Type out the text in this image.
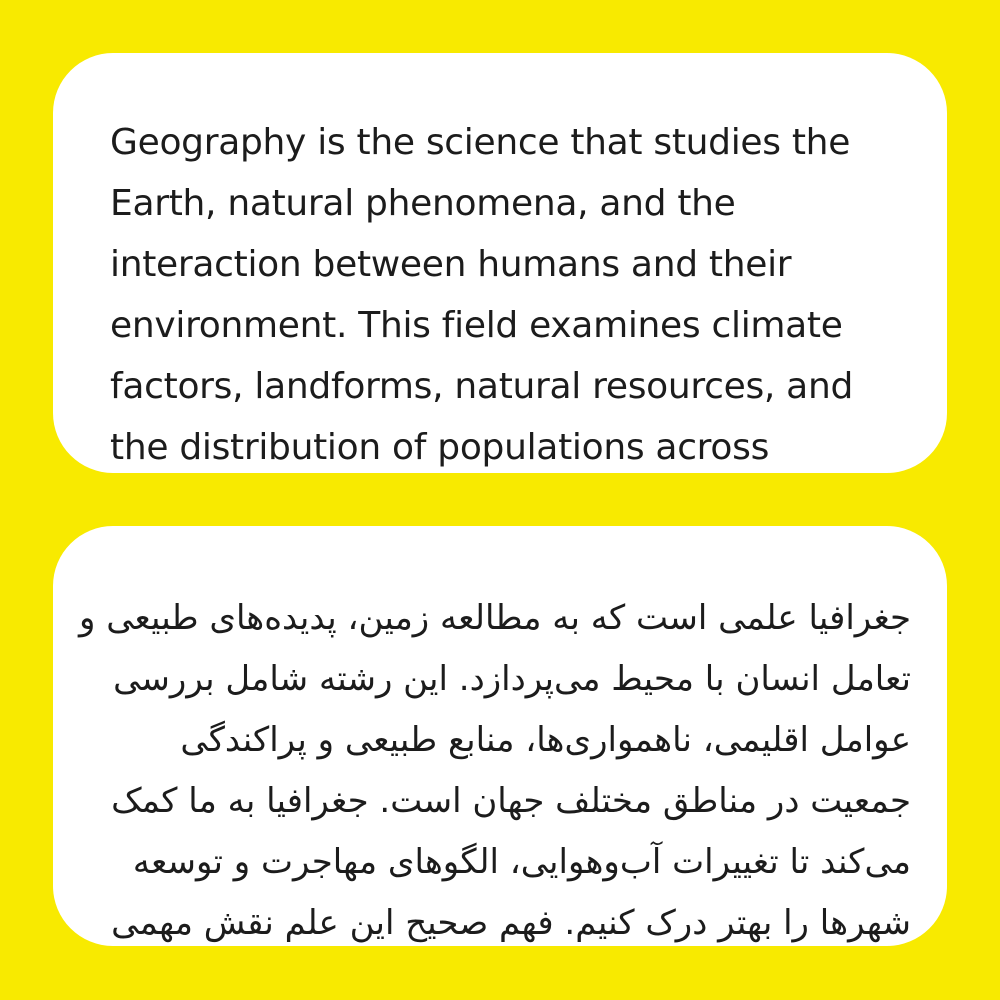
Geography is the science that studies the Earth, natural phenomena, and the interaction between humans and their environment. This field examines climate factors, landforms, natural resources, and the distribution of populations across

جغرافیا علمی است که به مطالعه زمین، پدیده‌های طبیعی و تعامل انسان با محیط می‌پردازد. این رشته شامل بررسی عوامل اقلیمی، ناهمواری‌ها، منابع طبیعی و پراکندگی جمعیت در مناطق مختلف جهان است. جغرافیا به ما کمک می‌کند تا تغییرات آب‌وهوایی، الگوهای مهاجرت و توسعه شهرها را بهتر درک کنیم. فهم صحیح این علم نقش مهمی
